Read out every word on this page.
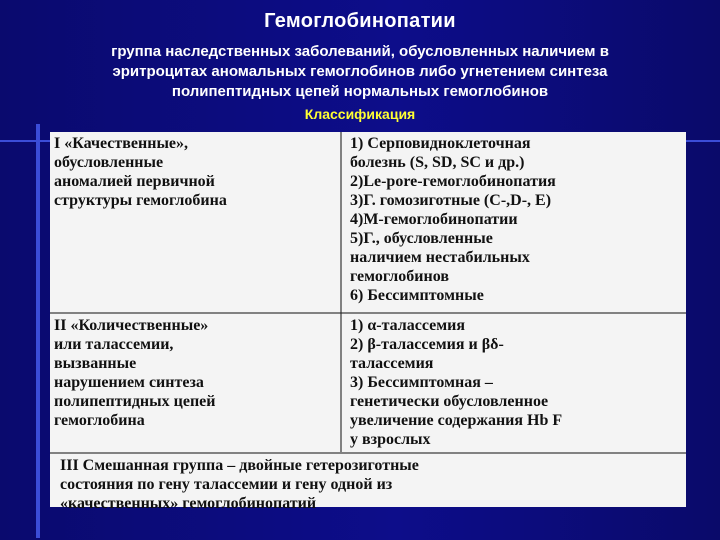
Гемоглобинопатии
группа наследственных заболеваний, обусловленных наличием в
эритроцитах аномальных гемоглобинов либо угнетением синтеза
полипептидных цепей нормальных гемоглобинов
Классификация
I «Качественные»,
обусловленные
аномалией первичной
структуры гемоглобина
1) Серповидноклеточная
болезнь (S, SD, SC и др.)
2)Le-pore-гемоглобинопатия
3)Г. гомозиготные (С-,D-, Е)
4)М-гемоглобинопатии
5)Г., обусловленные
наличием нестабильных
гемоглобинов
6) Бессимптомные
II «Количественные»
или талассемии,
вызванные
нарушением синтеза
полипептидных цепей
гемоглобина
1) α-талассемия
2) β-талассемия и βδ-
талассемия
3) Бессимптомная –
генетически обусловленное
увеличение содержания Hb F
у взрослых
III Смешанная группа – двойные гетерозиготные
состояния по гену талассемии и гену одной из
«качественных» гемоглобинопатий
